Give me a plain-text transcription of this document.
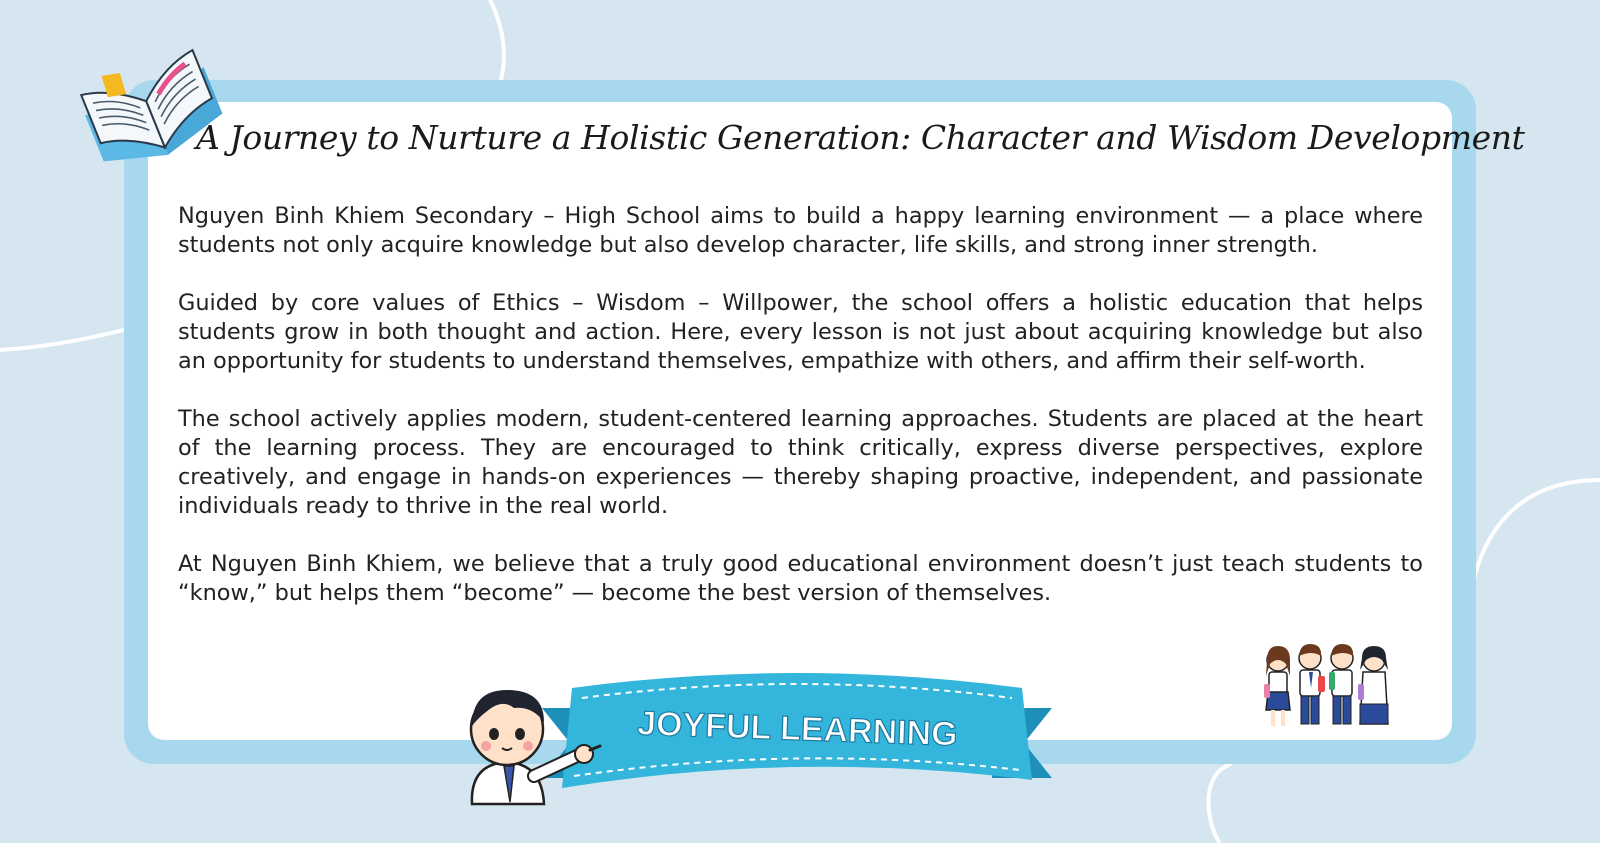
A Journey to Nurture a Holistic Generation: Character and Wisdom Development

Nguyen Binh Khiem Secondary – High School aims to build a happy learning environment — a place where students not only acquire knowledge but also develop character, life skills, and strong inner strength.

Guided by core values of Ethics – Wisdom – Willpower, the school offers a holistic education that helps students grow in both thought and action. Here, every lesson is not just about acquiring knowledge but also an opportunity for students to understand themselves, empathize with others, and affirm their self-worth.

The school actively applies modern, student-centered learning approaches. Students are placed at the heart of the learning process. They are encouraged to think critically, express diverse perspectives, explore creatively, and engage in hands-on experiences — thereby shaping proactive, independent, and passionate individuals ready to thrive in the real world.

At Nguyen Binh Khiem, we believe that a truly good educational environment doesn’t just teach students to “know,” but helps them “become” — become the best version of themselves.

JOYFUL LEARNING
